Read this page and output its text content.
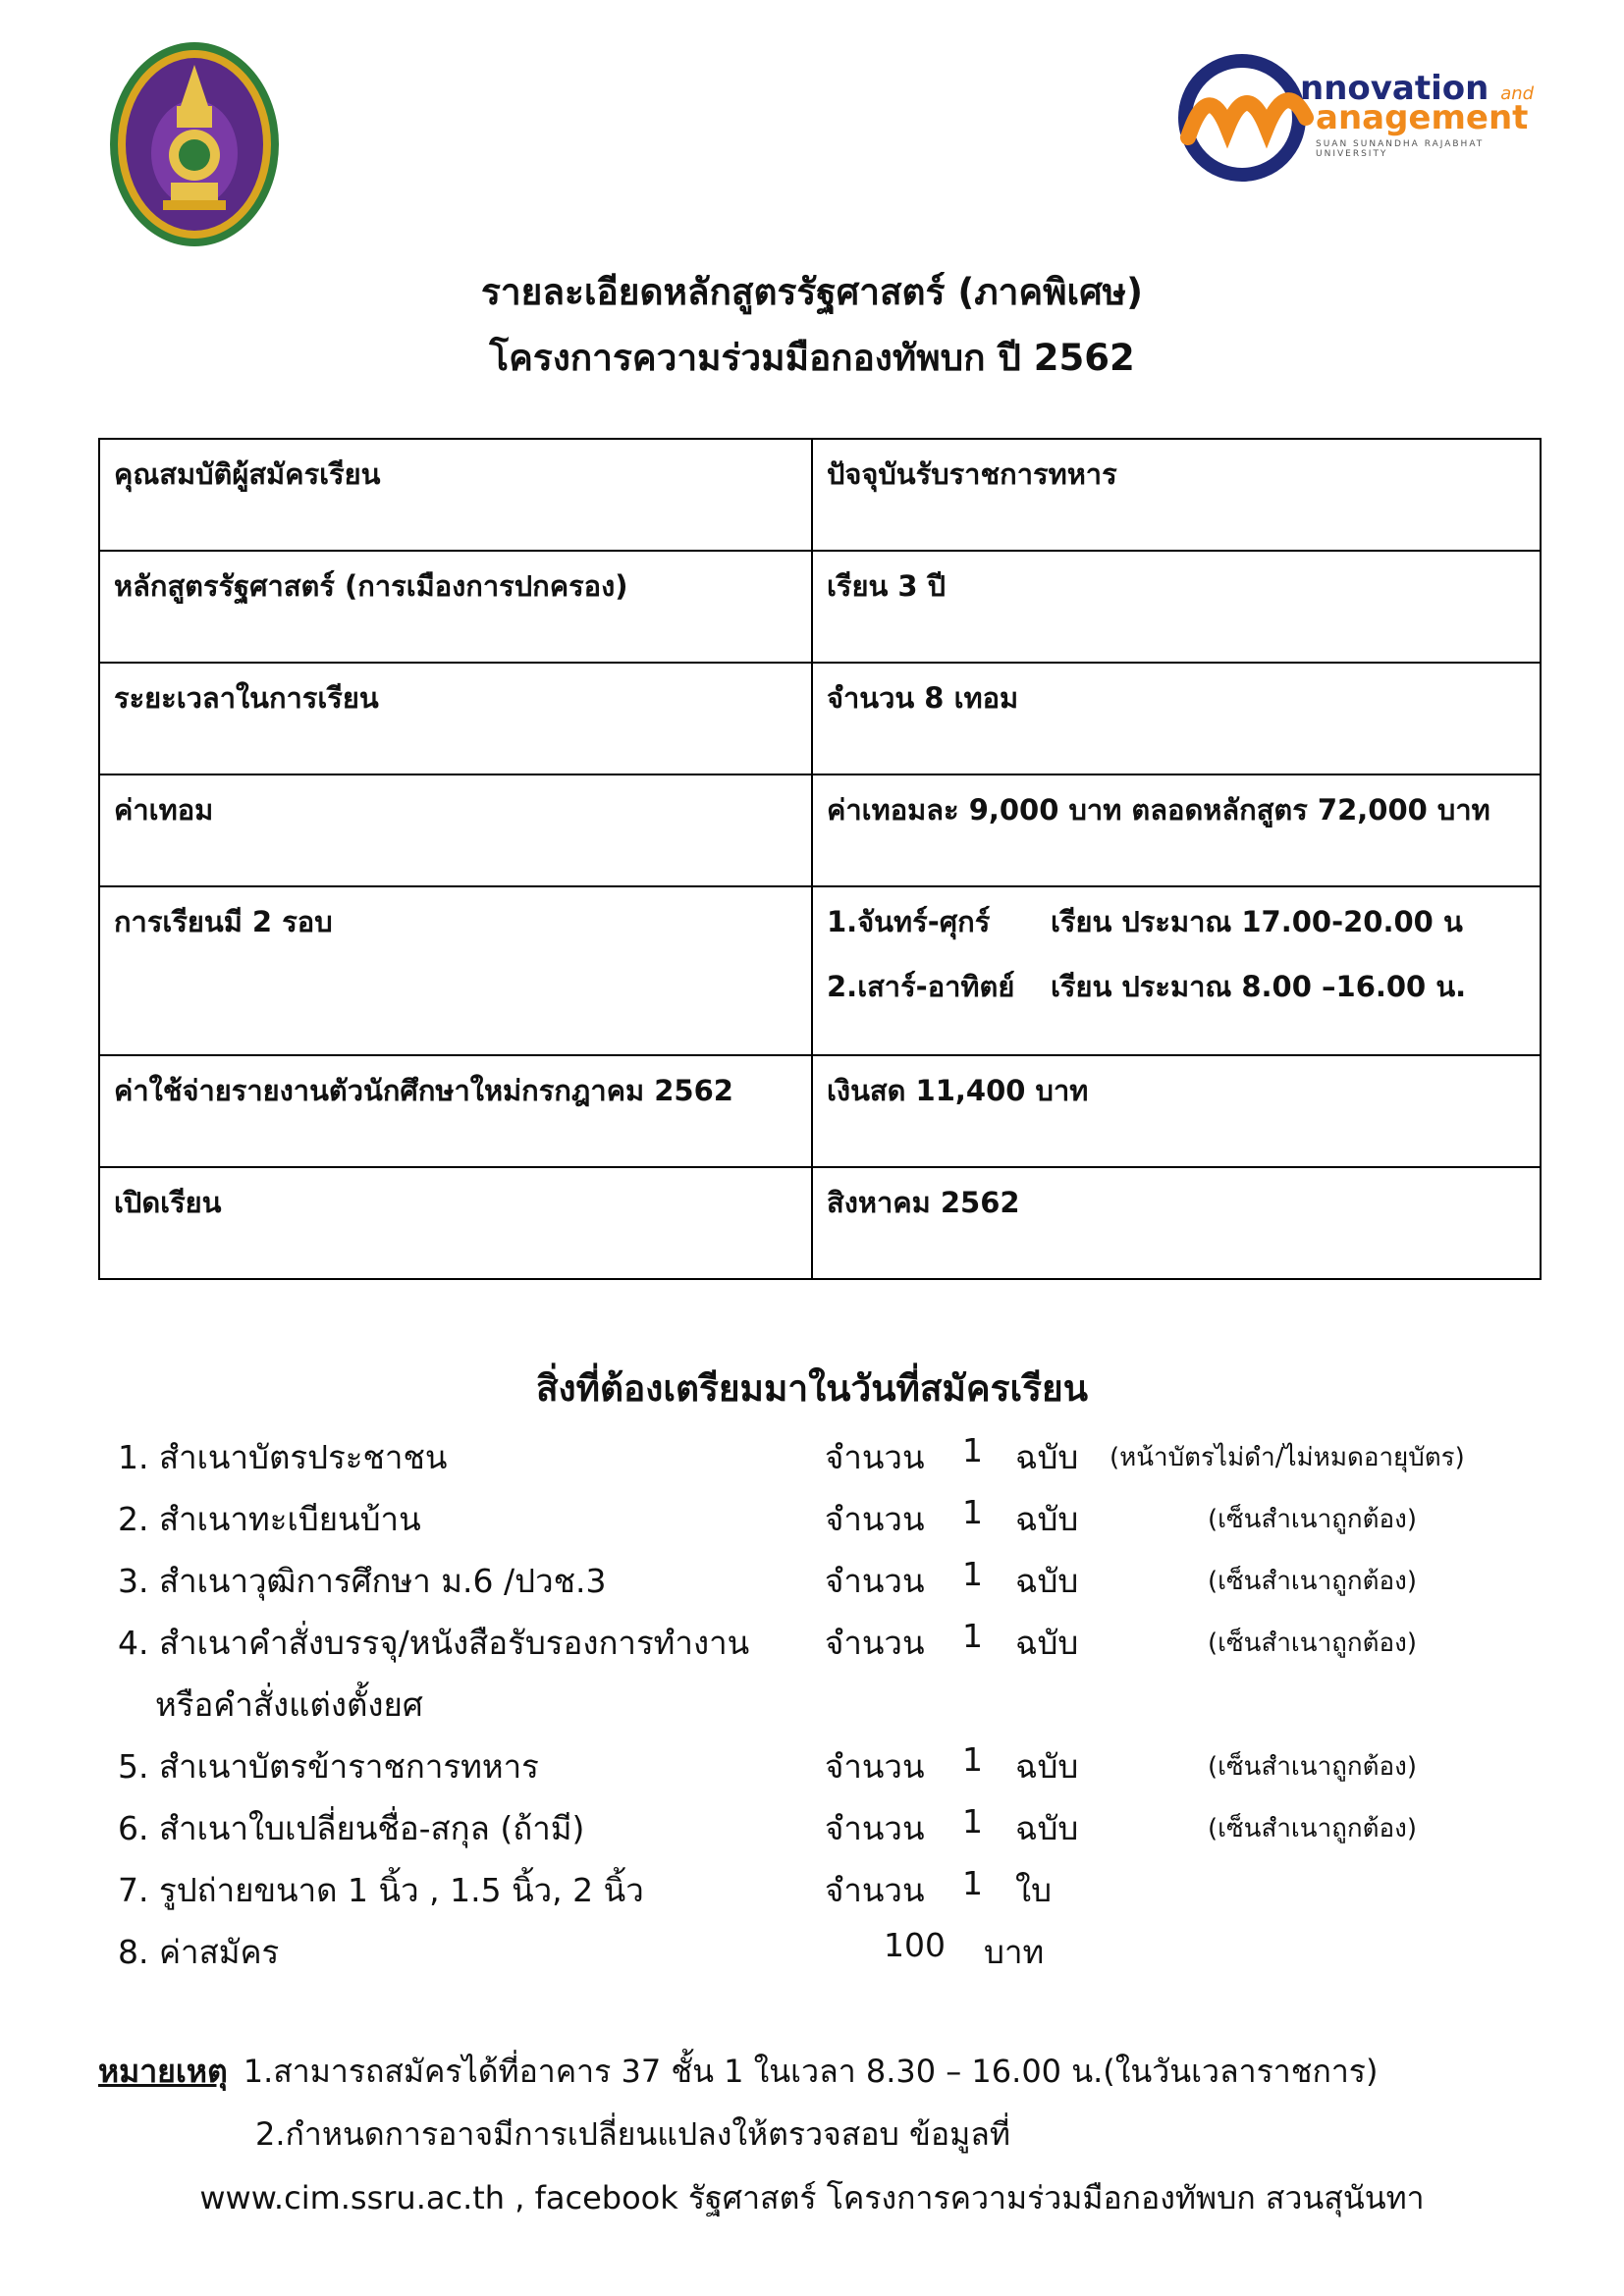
nnovation and
anagement
SUAN SUNANDHA RAJABHAT UNIVERSITY
รายละเอียดหลักสูตรรัฐศาสตร์ (ภาคพิเศษ)
โครงการความร่วมมือกองทัพบก ปี 2562
คุณสมบัติผู้สมัครเรียน	ปัจจุบันรับราชการทหาร
หลักสูตรรัฐศาสตร์ (การเมืองการปกครอง)	เรียน 3 ปี
ระยะเวลาในการเรียน	จำนวน 8 เทอม
ค่าเทอม	ค่าเทอมละ 9,000 บาท ตลอดหลักสูตร 72,000 บาท
การเรียนมี 2 รอบ	1.จันทร์-ศุกร์ เรียน ประมาณ 17.00-20.00 น
2.เสาร์-อาทิตย์ เรียน ประมาณ 8.00 –16.00 น.

ค่าใช้จ่ายรายงานตัวนักศึกษาใหม่กรกฎาคม 2562	เงินสด 11,400 บาท
เปิดเรียน	สิงหาคม 2562
สิ่งที่ต้องเตรียมมาในวันที่สมัครเรียน
1. สำเนาบัตรประชาชน	จำนวน 1 ฉบับ (หน้าบัตรไม่ดำ/ไม่หมดอายุบัตร)
2. สำเนาทะเบียนบ้าน	จำนวน 1 ฉบับ	(เซ็นสำเนาถูกต้อง)
3. สำเนาวุฒิการศึกษา ม.6 /ปวช.3	จำนวน 1 ฉบับ	(เซ็นสำเนาถูกต้อง)
4. สำเนาคำสั่งบรรจุ/หนังสือรับรองการทำงาน จำนวน 1 ฉบับ	(เซ็นสำเนาถูกต้อง)
หรือคำสั่งแต่งตั้งยศ
5. สำเนาบัตรข้าราชการทหาร	จำนวน 1 ฉบับ	(เซ็นสำเนาถูกต้อง)
6. สำเนาใบเปลี่ยนชื่อ-สกุล (ถ้ามี)	จำนวน 1 ฉบับ	(เซ็นสำเนาถูกต้อง)
7. รูปถ่ายขนาด 1 นิ้ว , 1.5 นิ้ว, 2 นิ้ว	จำนวน 1 ใบ
8. ค่าสมัคร	100 บาท
หมายเหตุ 1.สามารถสมัครได้ที่อาคาร 37 ชั้น 1 ในเวลา 8.30 – 16.00 น.(ในวันเวลาราชการ)
2.กำหนดการอาจมีการเปลี่ยนแปลงให้ตรวจสอบ ข้อมูลที่
www.cim.ssru.ac.th , facebook รัฐศาสตร์ โครงการความร่วมมือกองทัพบก สวนสุนันทา
